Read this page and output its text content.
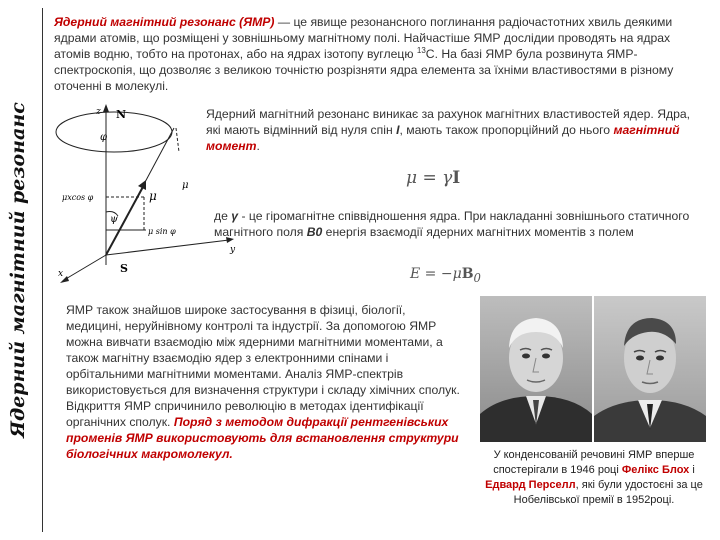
Ядерний магнітний резонанс
Ядерний магнітний резонанс (ЯМР) — це явище резонансного поглинання радіочастотних хвиль деякими ядрами атомів, що розміщені у зовнішньому магнітному полі. Найчастіше ЯМР дослідии проводять на ядрах атомів водню, тобто на протонах, або на ядрах ізотопу вуглецю $^{13}$C. На базі ЯМР була розвинута ЯМР-спектроскопія, що дозволяє з великою точністю розрізняти ядра елемента за їхніми властивостями в різному оточенні в молекулі.
z N
S
φ
ψ
μ
μ
x
y
μxcos φ
μ sin φ
Ядерний магнітний резонанс виникає за рахунок магнітних властивостей ядер. Ядра, які мають відмінний від нуля спін I, мають також пропорційний до нього магнітний момент.
μ = γI
де γ - це гіромагнітне співвідношення ядра. При накладанні зовнішнього статичного магнітного поля B0 енергія взаємодії ядерних магнітних моментів з полем
$E = -\mu B_0$
ЯМР також знайшов широке застосування в фізиці, біології, медицині, неруйнівному контролі та індустрії. За допомогою ЯМР можна вивчати взаємодію між ядерними магнітними моментами, а також магнітну взаємодію ядер з електронними спінами і орбітальними магнітними моментами. Аналіз ЯМР-спектрів використовується для визначення структури і складу хімічних сполук. Відкриття ЯМР спричинило революцію в методах ідентифікації органічних сполук. Поряд з методом дифракції рентгенівських променів ЯМР використовують для встановлення структури біологічних макромолекул.	У конденсованій речовині ЯМР вперше спостерігали в 1946 році Фелікс Блох і Едвард Перселл, які були удостоєні за це Нобелівської премії в 1952році.
